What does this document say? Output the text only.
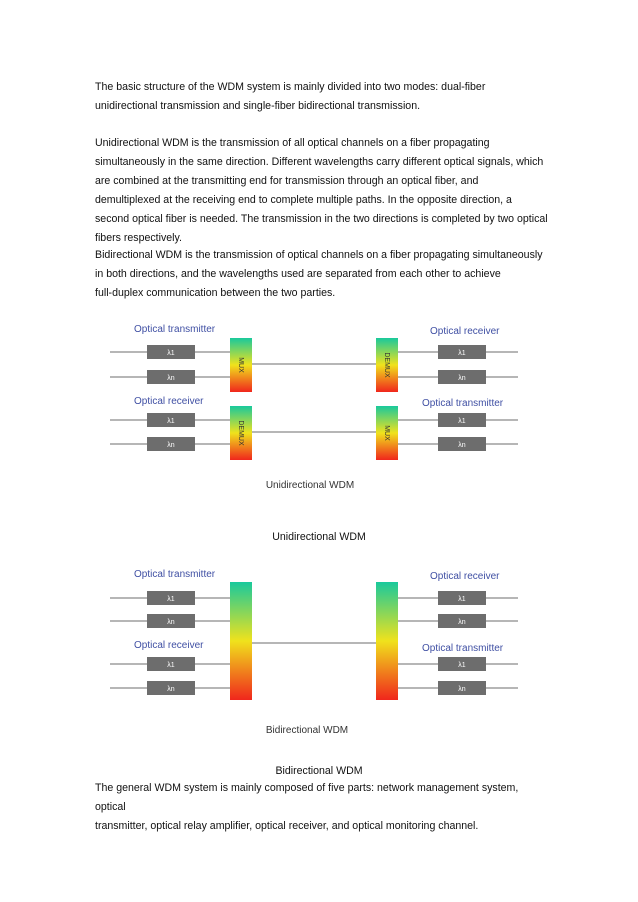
The basic structure of the WDM system is mainly divided into two modes: dual-fiber
unidirectional transmission and single-fiber bidirectional transmission.

Unidirectional WDM is the transmission of all optical channels on a fiber propagating
simultaneously in the same direction. Different wavelengths carry different optical signals, which
are combined at the transmitting end for transmission through an optical fiber, and
demultiplexed at the receiving end to complete multiple paths. In the opposite direction, a
second optical fiber is needed. The transmission in the two directions is completed by two optical
fibers respectively.

Bidirectional WDM is the transmission of optical channels on a fiber propagating simultaneously
in both directions, and the wavelengths used are separated from each other to achieve
full-duplex communication between the two parties.

Optical transmitter	Optical receiver
Optical receiver	Optical transmitter
λ1
λn
λ1
λn
λ1
λn
λ1
λn
MUX	DEMUX
DEMUX	MUX
Unidirectional WDM

Unidirectional WDM

Optical transmitter	Optical receiver
Optical receiver	Optical transmitter
λ1
λn
λ1
λn
λ1
λn
λ1
λn
Bidirectional WDM

Bidirectional WDM

The general WDM system is mainly composed of five parts: network management system, optical
transmitter, optical relay amplifier, optical receiver, and optical monitoring channel.
